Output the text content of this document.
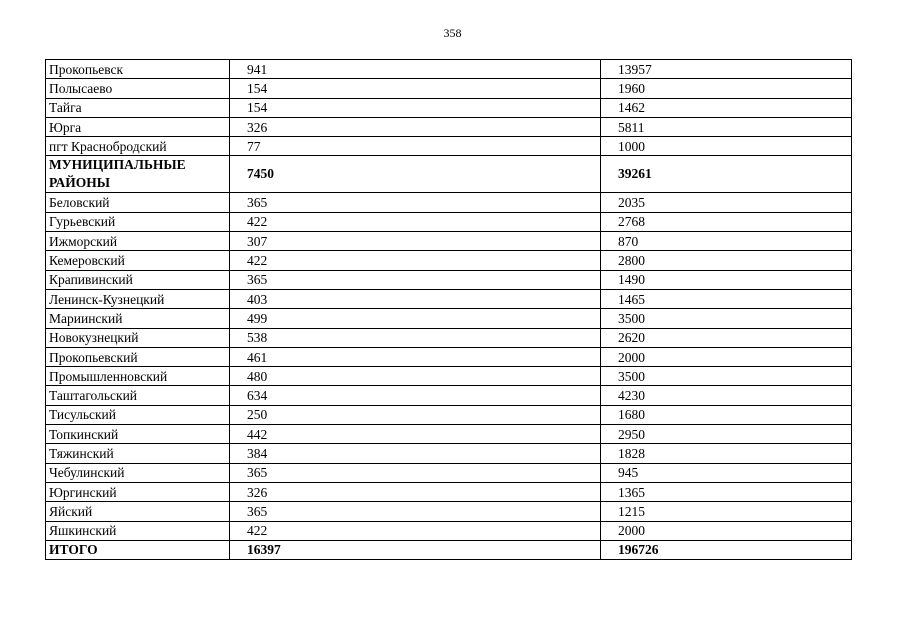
358
Прокопьевск	941	13957
Полысаево	154	1960
Тайга	154	1462
Юрга	326	5811
пгт Краснобродский	77	1000
МУНИЦИПАЛЬНЫЕ РАЙОНЫ	7450	39261
Беловский	365	2035
Гурьевский	422	2768
Ижморский	307	870
Кемеровский	422	2800
Крапивинский	365	1490
Ленинск-Кузнецкий	403	1465
Мариинский	499	3500
Новокузнецкий	538	2620
Прокопьевский	461	2000
Промышленновский	480	3500
Таштагольский	634	4230
Тисульский	250	1680
Топкинский	442	2950
Тяжинский	384	1828
Чебулинский	365	945
Юргинский	326	1365
Яйский	365	1215
Яшкинский	422	2000
ИТОГО	16397	196726
